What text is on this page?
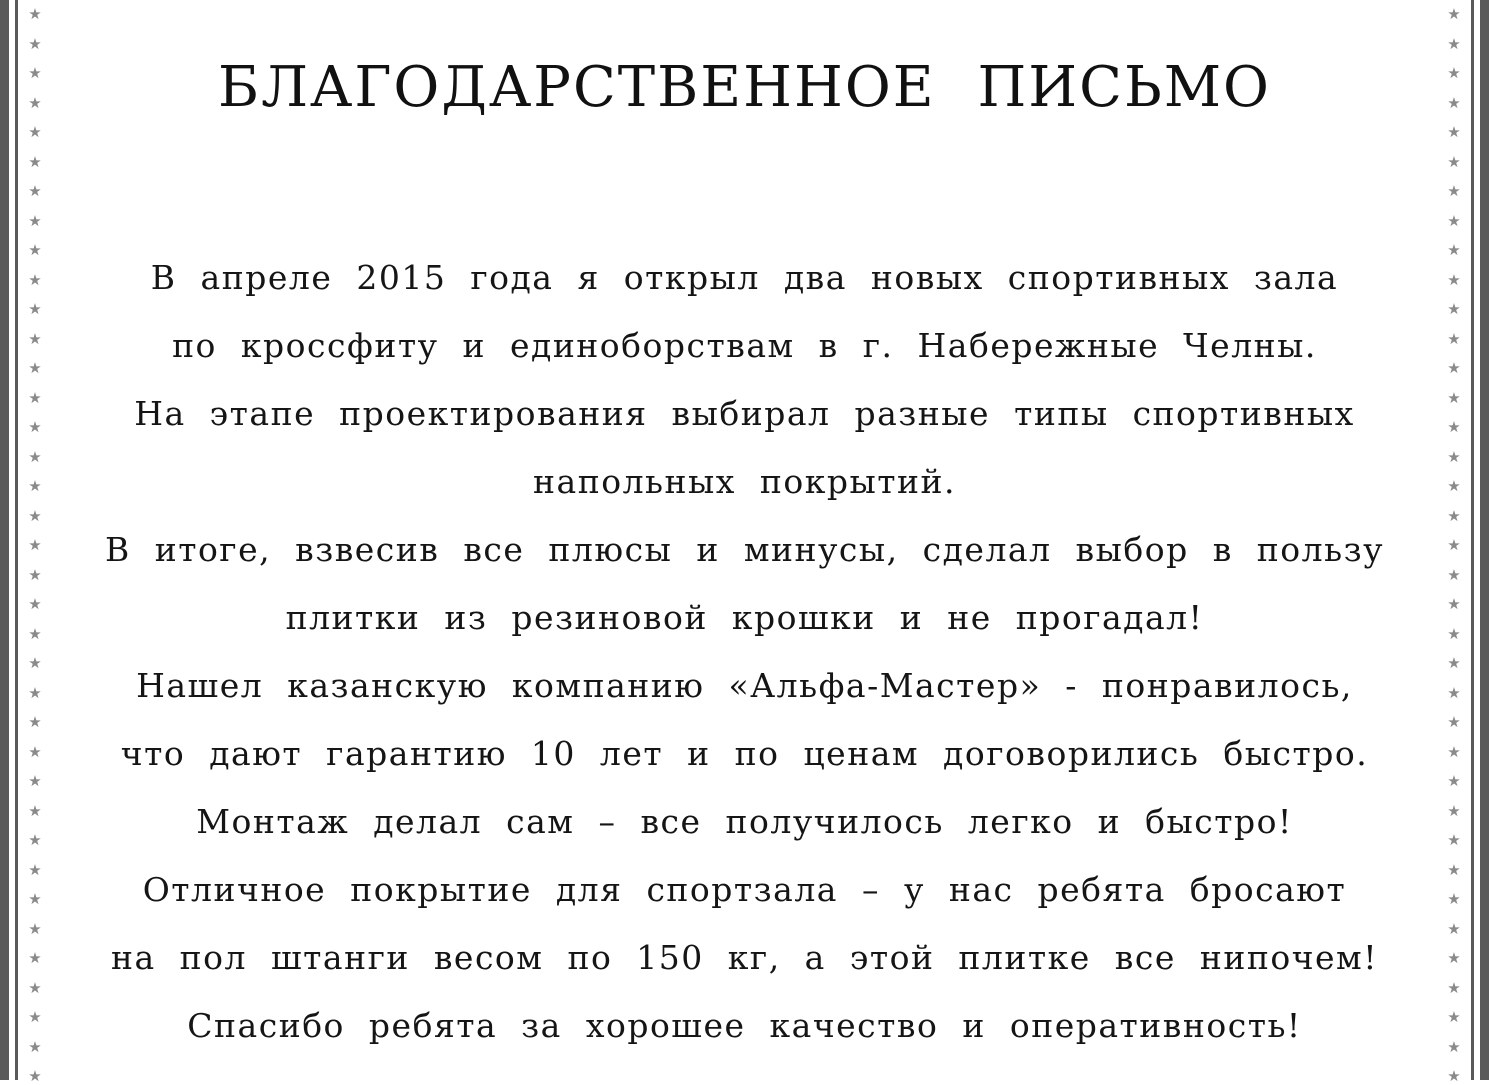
★
★
★
★
★
★
★
★
★
★
★
★
★
★
★
★
★
★
★
★
★
★
★
★
★
★
★
★
★
★
★
★
★
★
★
★
★
★
★
★
★
★
★
★
★
★
★
★
★
★
★
★
★
★
★
★
★
★
★
★
★
★
★
★
★
★
★
★
★
★
★
★
★
★
БЛАГОДАРСТВЕННОЕ ПИСЬМО
В апреле 2015 года я открыл два новых спортивных зала
по кроссфиту и единоборствам в г. Набережные Челны.
На этапе проектирования выбирал разные типы спортивных
напольных покрытий.
В итоге, взвесив все плюсы и минусы, сделал выбор в пользу
плитки из резиновой крошки и не прогадал!
Нашел казанскую компанию «Альфа-Мастер» - понравилось,
что дают гарантию 10 лет и по ценам договорились быстро.
Монтаж делал сам – все получилось легко и быстро!
Отличное покрытие для спортзала – у нас ребята бросают
на пол штанги весом по 150 кг, а этой плитке все нипочем!
Спасибо ребята за хорошее качество и оперативность!
